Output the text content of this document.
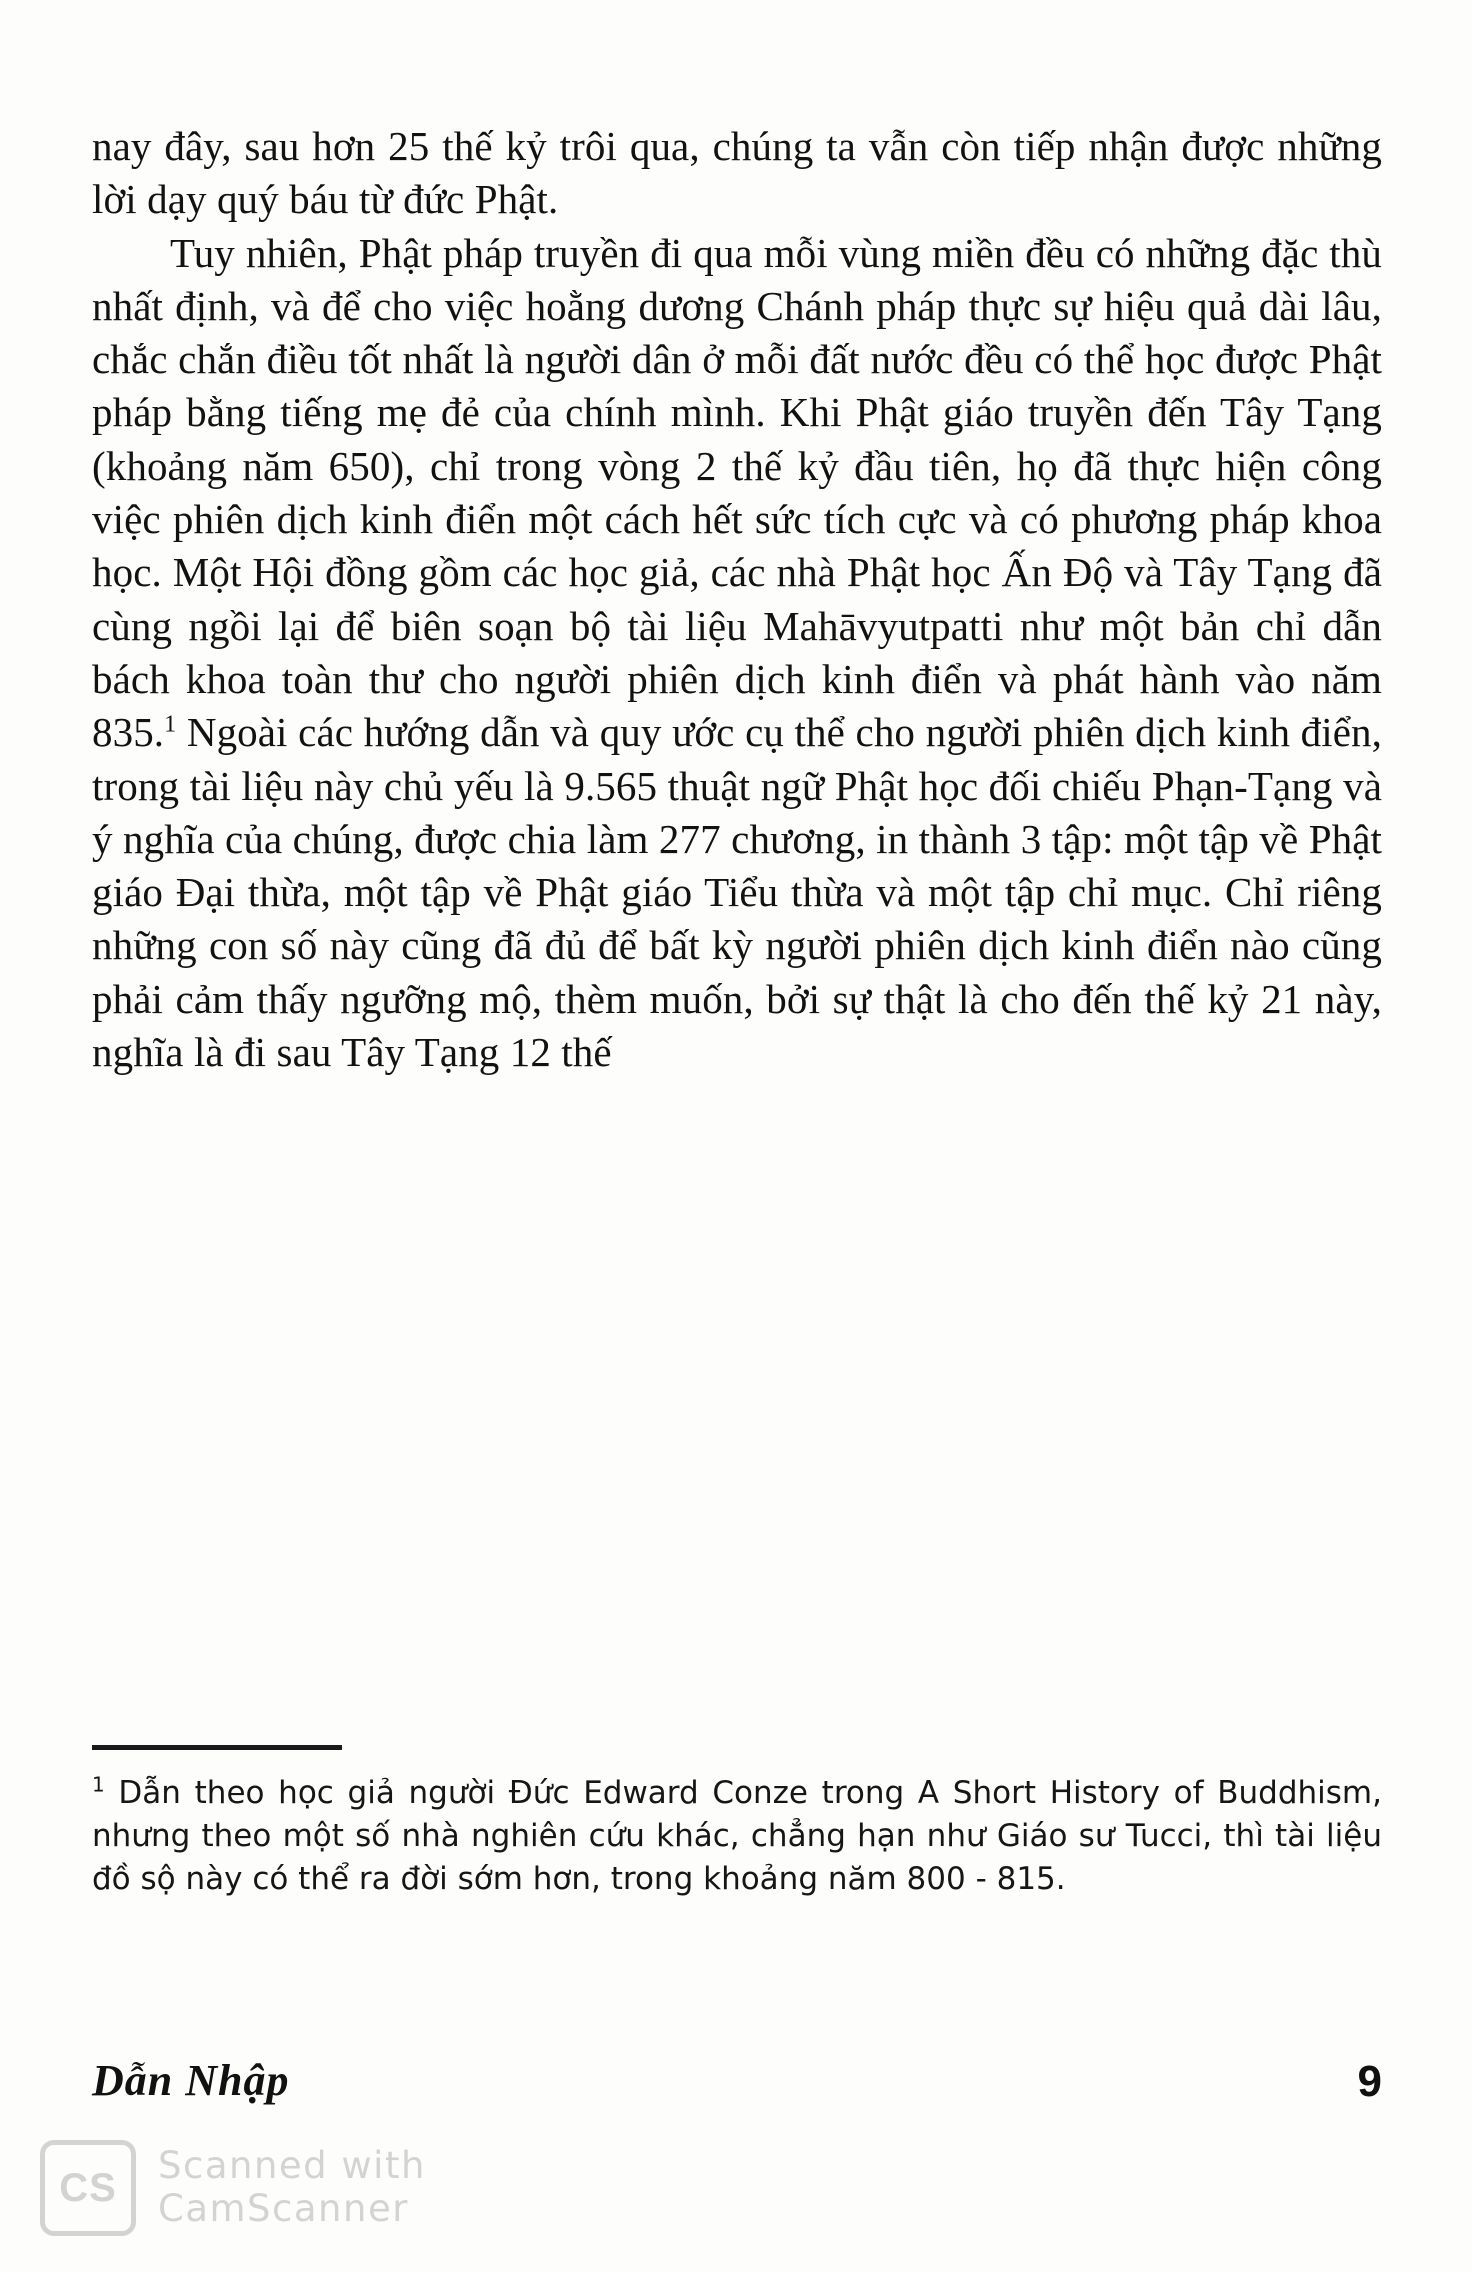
nay đây, sau hơn 25 thế kỷ trôi qua, chúng ta vẫn còn tiếp nhận được những lời dạy quý báu từ đức Phật.

Tuy nhiên, Phật pháp truyền đi qua mỗi vùng miền đều có những đặc thù nhất định, và để cho việc hoằng dương Chánh pháp thực sự hiệu quả dài lâu, chắc chắn điều tốt nhất là người dân ở mỗi đất nước đều có thể học được Phật pháp bằng tiếng mẹ đẻ của chính mình. Khi Phật giáo truyền đến Tây Tạng (khoảng năm 650), chỉ trong vòng 2 thế kỷ đầu tiên, họ đã thực hiện công việc phiên dịch kinh điển một cách hết sức tích cực và có phương pháp khoa học. Một Hội đồng gồm các học giả, các nhà Phật học Ấn Độ và Tây Tạng đã cùng ngồi lại để biên soạn bộ tài liệu Mahāvyutpatti như một bản chỉ dẫn bách khoa toàn thư cho người phiên dịch kinh điển và phát hành vào năm 835.$^1$ Ngoài các hướng dẫn và quy ước cụ thể cho người phiên dịch kinh điển, trong tài liệu này chủ yếu là 9.565 thuật ngữ Phật học đối chiếu Phạn-Tạng và ý nghĩa của chúng, được chia làm 277 chương, in thành 3 tập: một tập về Phật giáo Đại thừa, một tập về Phật giáo Tiểu thừa và một tập chỉ mục. Chỉ riêng những con số này cũng đã đủ để bất kỳ người phiên dịch kinh điển nào cũng phải cảm thấy ngưỡng mộ, thèm muốn, bởi sự thật là cho đến thế kỷ 21 này, nghĩa là đi sau Tây Tạng 12 thế

$^1$ Dẫn theo học giả người Đức Edward Conze trong A Short History of Buddhism, nhưng theo một số nhà nghiên cứu khác, chẳng hạn như Giáo sư Tucci, thì tài liệu đồ sộ này có thể ra đời sớm hơn, trong khoảng năm 800 - 815.
Dẫn Nhập	9
CS	Scanned with
CamScanner
